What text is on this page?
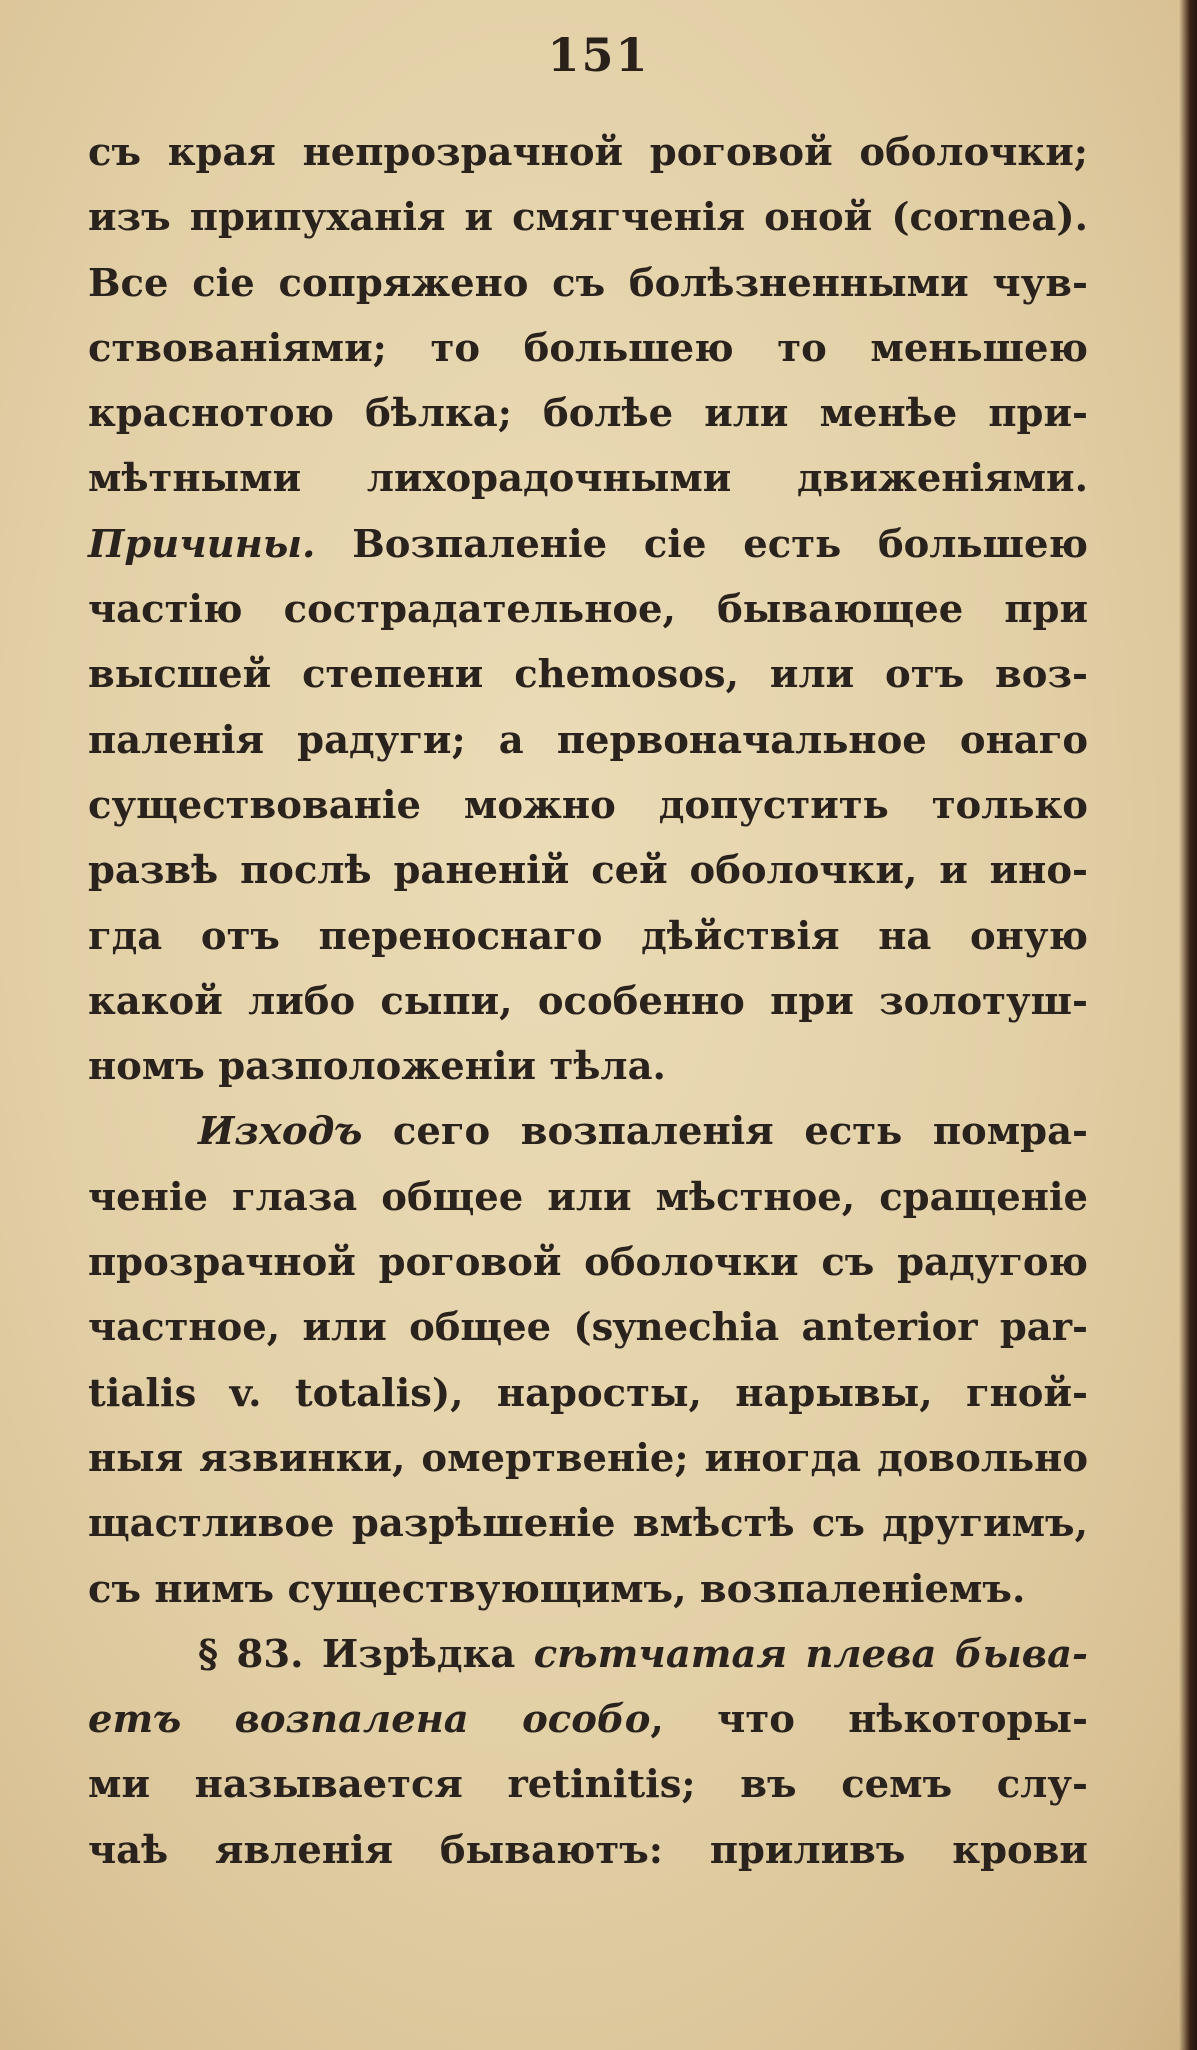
151
съ края непрозрачной роговой оболочки;
изъ припуханія и смягченія оной (cornea).
Все сіе сопряжено съ болѣзненными чув-
ствованіями; то большею то меньшею
краснотою бѣлка; болѣе или менѣе при-
мѣтными лихорадочными движеніями.
Причины. Возпаленіе сіе есть большею
частію сострадательное, бывающее при
высшей степени chemosos, или отъ воз-
паленія радуги; а первоначальное онаго
существованіе можно допустить только
развѣ послѣ раненій сей оболочки, и ино-
гда отъ переноснаго дѣйствія на оную
какой либо сыпи, особенно при золотуш-
номъ разположеніи тѣла.
Изходъ сего возпаленія есть помра-
ченіе глаза общее или мѣстное, сращеніе
прозрачной роговой оболочки съ радугою
частное, или общее (synechia anterior par-
tialis v. totalis), наросты, нарывы, гной-
ныя язвинки, омертвеніе; иногда довольно
щастливое разрѣшеніе вмѣстѣ съ другимъ,
съ нимъ существующимъ, возпаленіемъ.
§ 83. Изрѣдка сѣтчатая плева быва-
етъ возпалена особо, что нѣкоторы-
ми называется retinitis; въ семъ слу-
чаѣ явленія бываютъ: приливъ крови
